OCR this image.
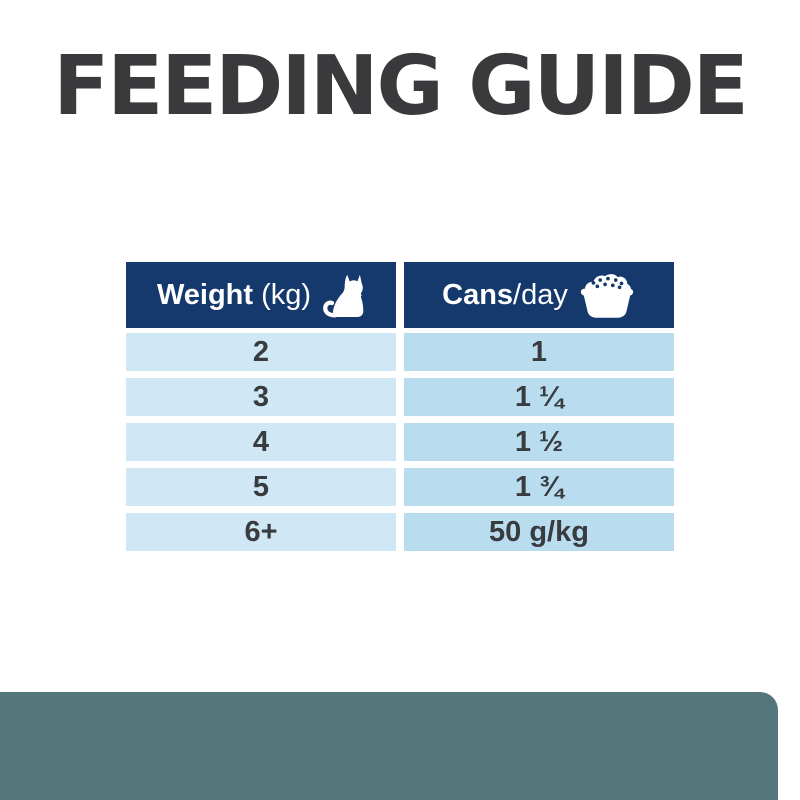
FEEDING GUIDE
Weight (kg)
2
3
4
5
6+
Cans/day
1
1 ¼
1 ½
1 ¾
50 g/kg
